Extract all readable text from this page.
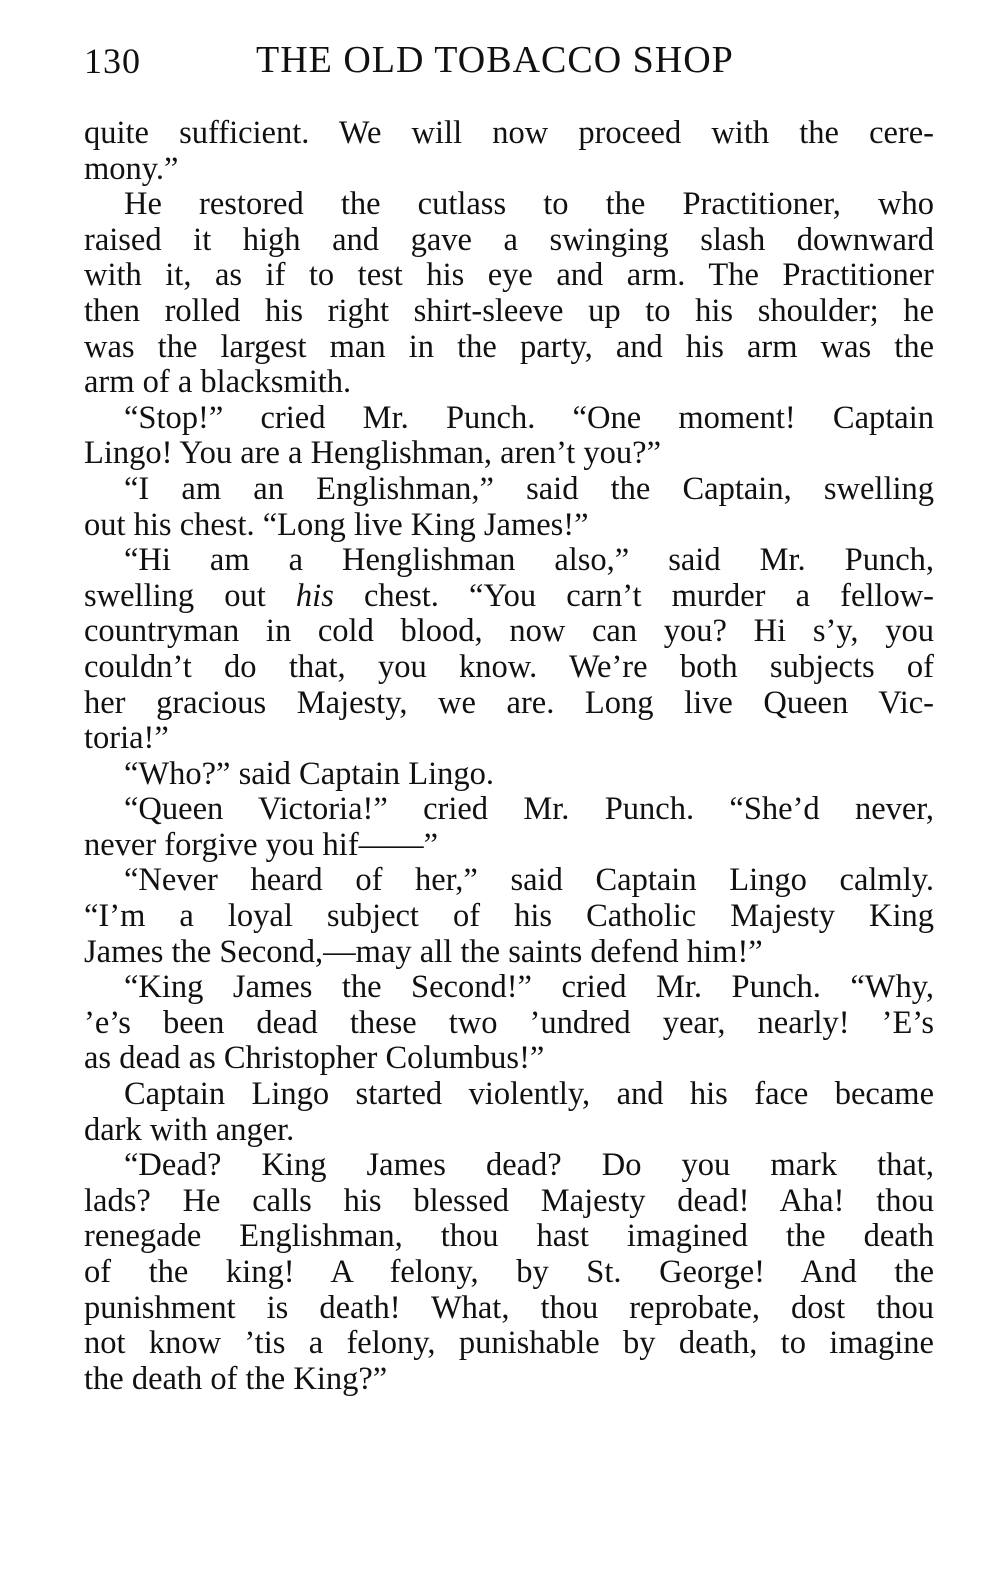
130	THE OLD TOBACCO SHOP
quite sufficient. We will now proceed with the cere-
mony.”
He restored the cutlass to the Practitioner, who
raised it high and gave a swinging slash downward
with it, as if to test his eye and arm. The Practitioner
then rolled his right shirt-sleeve up to his shoulder; he
was the largest man in the party, and his arm was the
arm of a blacksmith.
“Stop!” cried Mr. Punch. “One moment! Captain
Lingo! You are a Henglishman, aren’t you?”
“I am an Englishman,” said the Captain, swelling
out his chest. “Long live King James!”
“Hi am a Henglishman also,” said Mr. Punch,
swelling out his chest. “You carn’t murder a fellow-
countryman in cold blood, now can you? Hi s’y, you
couldn’t do that, you know. We’re both subjects of
her gracious Majesty, we are. Long live Queen Vic-
toria!”
“Who?” said Captain Lingo.
“Queen Victoria!” cried Mr. Punch. “She’d never,
never forgive you hif——”
“Never heard of her,” said Captain Lingo calmly.
“I’m a loyal subject of his Catholic Majesty King
James the Second,—may all the saints defend him!”
“King James the Second!” cried Mr. Punch. “Why,
’e’s been dead these two ’undred year, nearly! ’E’s
as dead as Christopher Columbus!”
Captain Lingo started violently, and his face became
dark with anger.
“Dead? King James dead? Do you mark that,
lads? He calls his blessed Majesty dead! Aha! thou
renegade Englishman, thou hast imagined the death
of the king! A felony, by St. George! And the
punishment is death! What, thou reprobate, dost thou
not know ’tis a felony, punishable by death, to imagine
the death of the King?”
